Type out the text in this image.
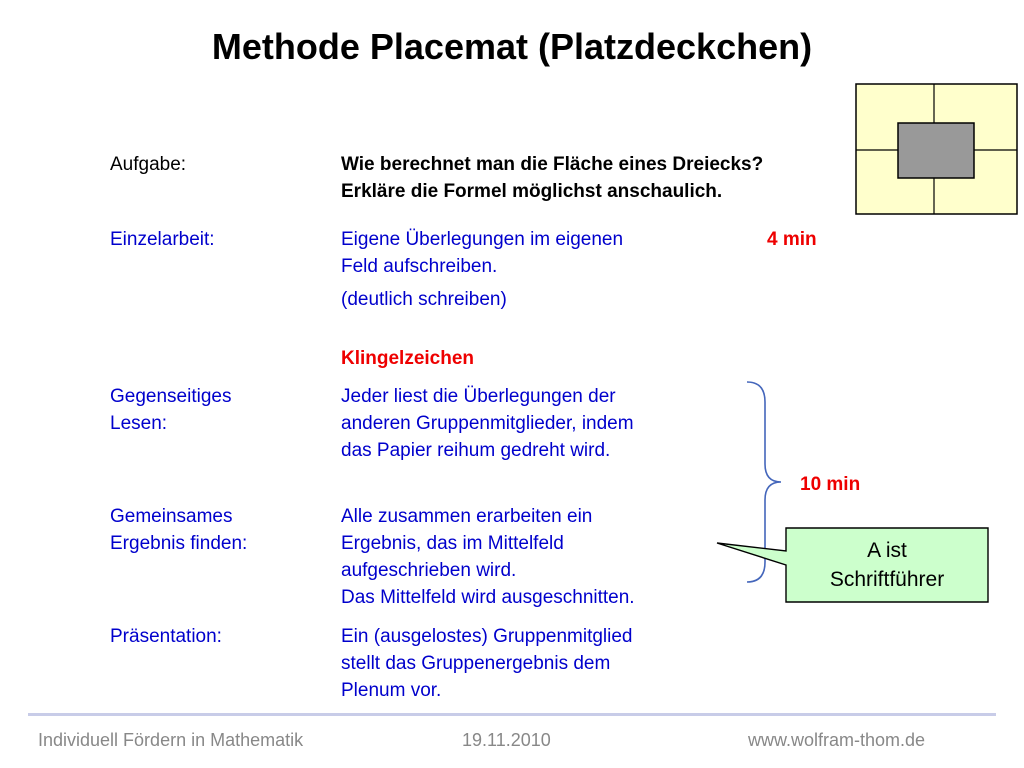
Methode Placemat (Platzdeckchen)
Aufgabe:	Wie berechnet man die Fläche eines Dreiecks?
Erkläre die Formel möglichst anschaulich.
Einzelarbeit:	Eigene Überlegungen im eigenen
Feld aufschreiben.
4 min
(deutlich schreiben)
Klingelzeichen
Gegenseitiges
Lesen:
Jeder liest die Überlegungen der
anderen Gruppenmitglieder, indem
das Papier reihum gedreht wird.
10 min
Gemeinsames
Ergebnis finden:
Alle zusammen erarbeiten ein
Ergebnis, das im Mittelfeld
aufgeschrieben wird.
Das Mittelfeld wird ausgeschnitten.
A ist
Schriftführer
Präsentation:	Ein (ausgelostes) Gruppenmitglied
stellt das Gruppenergebnis dem
Plenum vor.
Individuell Fördern in Mathematik	19.11.2010	www.wolfram-thom.de
